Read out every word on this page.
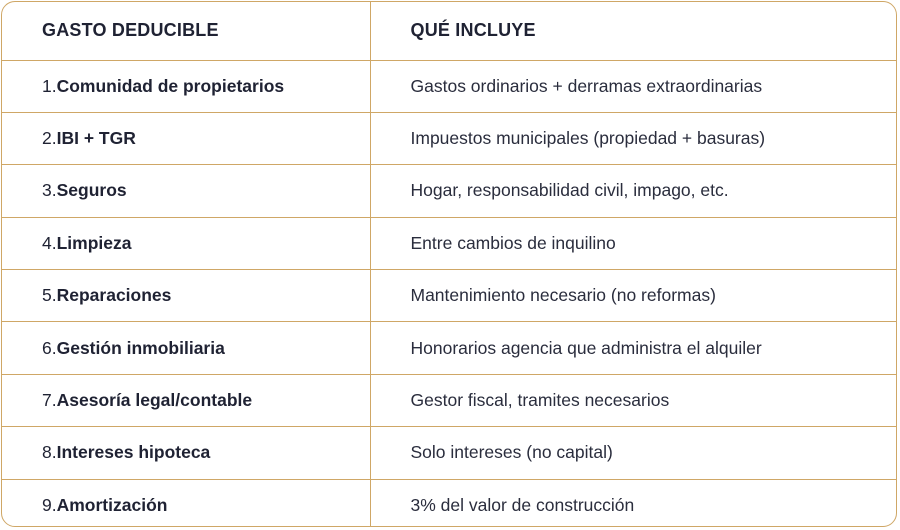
GASTO DEDUCIBLE	QUÉ INCLUYE
1.Comunidad de propietarios	Gastos ordinarios + derramas extraordinarias
2.IBI + TGR	Impuestos municipales (propiedad + basuras)
3.Seguros	Hogar, responsabilidad civil, impago, etc.
4.Limpieza	Entre cambios de inquilino
5.Reparaciones	Mantenimiento necesario (no reformas)
6.Gestión inmobiliaria	Honorarios agencia que administra el alquiler
7.Asesoría legal/contable	Gestor fiscal, tramites necesarios
8.Intereses hipoteca	Solo intereses (no capital)
9.Amortización	3% del valor de construcción
